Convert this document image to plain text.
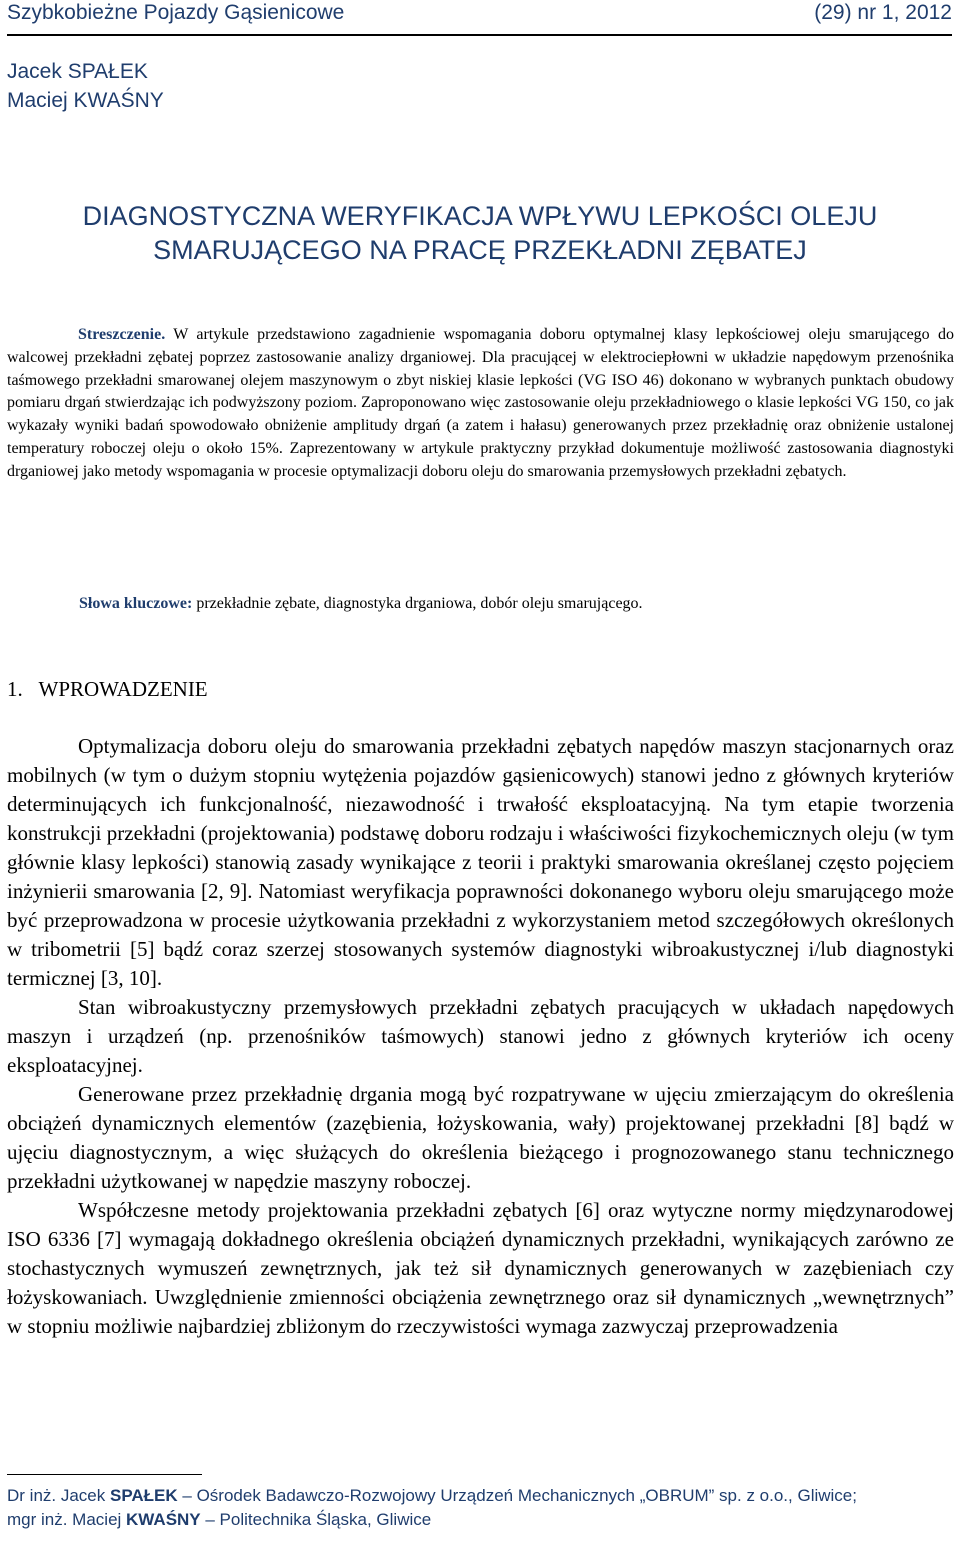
Szybkobieżne Pojazdy Gąsienicowe	(29) nr 1, 2012
Jacek SPAŁEK
Maciej KWAŚNY
DIAGNOSTYCZNA WERYFIKACJA WPŁYWU LEPKOŚCI OLEJU
SMARUJĄCEGO NA PRACĘ PRZEKŁADNI ZĘBATEJ
Streszczenie. W artykule przedstawiono zagadnienie wspomagania doboru optymalnej klasy lepkościowej oleju smarującego do walcowej przekładni zębatej poprzez zastosowanie analizy drganiowej. Dla pracującej w elektrociepłowni w układzie napędowym przenośnika taśmowego przekładni smarowanej olejem maszynowym o zbyt niskiej klasie lepkości (VG ISO 46) dokonano w wybranych punktach obudowy pomiaru drgań stwierdzając ich podwyższony poziom. Zaproponowano więc zastosowanie oleju przekładniowego o klasie lepkości VG 150, co jak wykazały wyniki badań spowodowało obniżenie amplitudy drgań (a zatem i hałasu) generowanych przez przekładnię oraz obniżenie ustalonej temperatury roboczej oleju o około 15%. Zaprezentowany w artykule praktyczny przykład dokumentuje możliwość zastosowania diagnostyki drganiowej jako metody wspomagania w procesie optymalizacji doboru oleju do smarowania przemysłowych przekładni zębatych.
Słowa kluczowe: przekładnie zębate, diagnostyka drganiowa, dobór oleju smarującego.
1. WPROWADZENIE

Optymalizacja doboru oleju do smarowania przekładni zębatych napędów maszyn stacjonarnych oraz mobilnych (w tym o dużym stopniu wytężenia pojazdów gąsienicowych) stanowi jedno z głównych kryteriów determinujących ich funkcjonalność, niezawodność i trwałość eksploatacyjną. Na tym etapie tworzenia konstrukcji przekładni (projektowania) podstawę doboru rodzaju i właściwości fizykochemicznych oleju (w tym głównie klasy lepkości) stanowią zasady wynikające z teorii i praktyki smarowania określanej często pojęciem inżynierii smarowania [2, 9]. Natomiast weryfikacja poprawności dokonanego wyboru oleju smarującego może być przeprowadzona w procesie użytkowania przekładni z wykorzystaniem metod szczegółowych określonych w tribometrii [5] bądź coraz szerzej stosowanych systemów diagnostyki wibroakustycznej i/lub diagnostyki termicznej [3, 10].

Stan wibroakustyczny przemysłowych przekładni zębatych pracujących w układach napędowych maszyn i urządzeń (np. przenośników taśmowych) stanowi jedno z głównych kryteriów ich oceny eksploatacyjnej.

Generowane przez przekładnię drgania mogą być rozpatrywane w ujęciu zmierzającym do określenia obciążeń dynamicznych elementów (zazębienia, łożyskowania, wały) projektowanej przekładni [8] bądź w ujęciu diagnostycznym, a więc służących do określenia bieżącego i prognozowanego stanu technicznego przekładni użytkowanej w napędzie maszyny roboczej.

Współczesne metody projektowania przekładni zębatych [6] oraz wytyczne normy międzynarodowej ISO 6336 [7] wymagają dokładnego określenia obciążeń dynamicznych przekładni, wynikających zarówno ze stochastycznych wymuszeń zewnętrznych, jak też sił dynamicznych generowanych w zazębieniach czy łożyskowaniach. Uwzględnienie zmienności obciążenia zewnętrznego oraz sił dynamicznych „wewnętrznych” w stopniu możliwie najbardziej zbliżonym do rzeczywistości wymaga zazwyczaj przeprowadzenia

Dr inż. Jacek SPAŁEK – Ośrodek Badawczo-Rozwojowy Urządzeń Mechanicznych „OBRUM” sp. z o.o., Gliwice;
mgr inż. Maciej KWAŚNY – Politechnika Śląska, Gliwice
